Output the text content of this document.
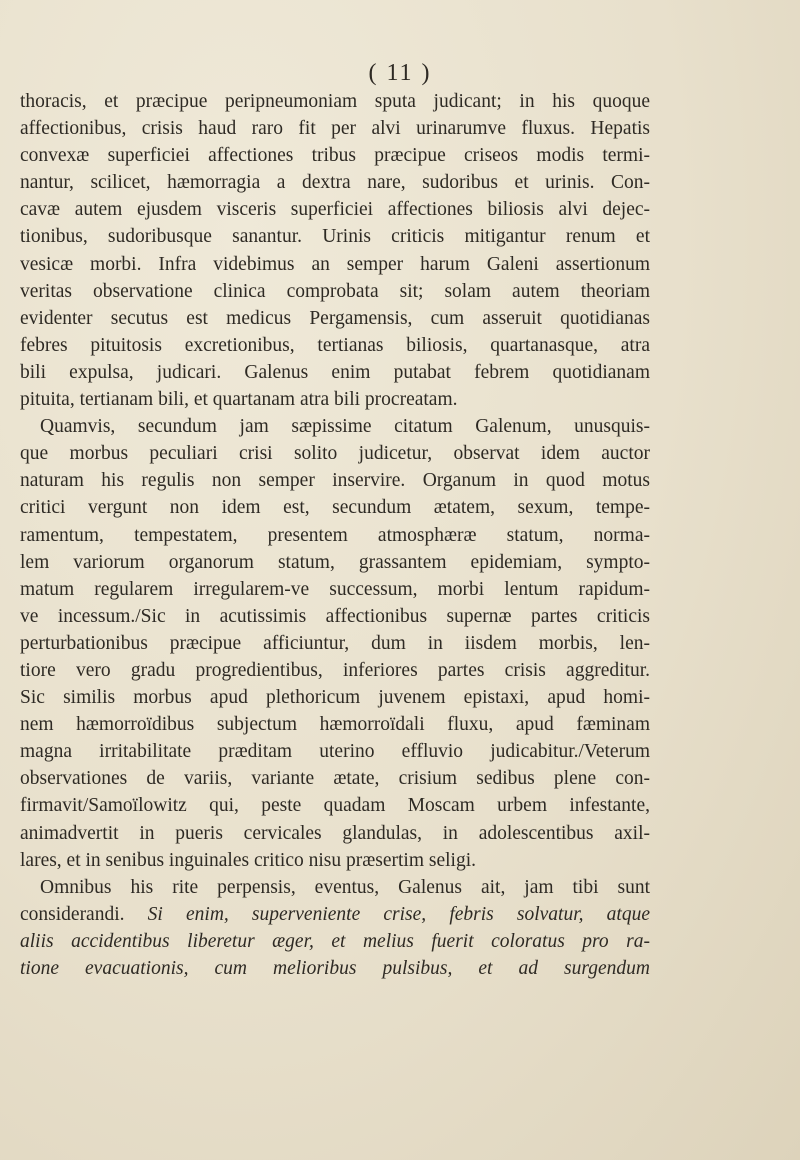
( 11 )
thoracis, et præcipue peripneumoniam sputa judicant; in his quoque
affectionibus, crisis haud raro fit per alvi urinarumve fluxus. Hepatis
convexæ superficiei affectiones tribus præcipue criseos modis termi-
nantur, scilicet, hæmorragia a dextra nare, sudoribus et urinis. Con-
cavæ autem ejusdem visceris superficiei affectiones biliosis alvi dejec-
tionibus, sudoribusque sanantur. Urinis criticis mitigantur renum et
vesicæ morbi. Infra videbimus an semper harum Galeni assertionum
veritas observatione clinica comprobata sit; solam autem theoriam
evidenter secutus est medicus Pergamensis, cum asseruit quotidianas
febres pituitosis excretionibus, tertianas biliosis, quartanasque, atra
bili expulsa, judicari. Galenus enim putabat febrem quotidianam
pituita, tertianam bili, et quartanam atra bili procreatam.
Quamvis, secundum jam sæpissime citatum Galenum, unusquis-
que morbus peculiari crisi solito judicetur, observat idem auctor
naturam his regulis non semper inservire. Organum in quod motus
critici vergunt non idem est, secundum ætatem, sexum, tempe-
ramentum, tempestatem, presentem atmosphæræ statum, norma-
lem variorum organorum statum, grassantem epidemiam, sympto-
matum regularem irregularem-ve successum, morbi lentum rapidum-
ve incessum./Sic in acutissimis affectionibus supernæ partes criticis
perturbationibus præcipue afficiuntur, dum in iisdem morbis, len-
tiore vero gradu progredientibus, inferiores partes crisis aggreditur.
Sic similis morbus apud plethoricum juvenem epistaxi, apud homi-
nem hæmorroïdibus subjectum hæmorroïdali fluxu, apud fæminam
magna irritabilitate præditam uterino effluvio judicabitur./Veterum
observationes de variis, variante ætate, crisium sedibus plene con-
firmavit/Samoïlowitz qui, peste quadam Moscam urbem infestante,
animadvertit in pueris cervicales glandulas, in adolescentibus axil-
lares, et in senibus inguinales critico nisu præsertim seligi.
Omnibus his rite perpensis, eventus, Galenus ait, jam tibi sunt
considerandi. Si enim, superveniente crise, febris solvatur, atque
aliis accidentibus liberetur æger, et melius fuerit coloratus pro ra-
tione evacuationis, cum melioribus pulsibus, et ad surgendum
